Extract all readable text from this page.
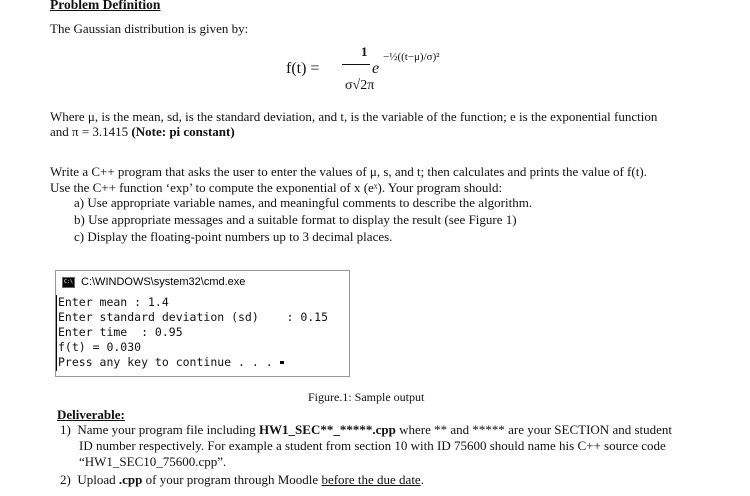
Problem Definition
The Gaussian distribution is given by:
f(t) =
1
σ√2π
e
−½((t−μ)/σ)²
Where μ, is the mean, sd, is the standard deviation, and t, is the variable of the function; e is the exponential function
and π = 3.1415 (Note: pi constant)
Write a C++ program that asks the user to enter the values of μ, s, and t; then calculates and prints the value of f(t).
Use the C++ function ‘exp’ to compute the exponential of x (eˣ). Your program should:
a) Use appropriate variable names, and meaningful comments to describe the algorithm.
b) Use appropriate messages and a suitable format to display the result (see Figure 1)
c) Display the floating-point numbers up to 3 decimal places.
C:\
C:\WINDOWS\system32\cmd.exe
Enter mean : 1.4
Enter standard deviation (sd)    : 0.15
Enter time  : 0.95
f(t) = 0.030
Press any key to continue . . .
Figure.1: Sample output
Deliverable:
1) Name your program file including HW1_SEC**_*****.cpp where ** and ***** are your SECTION and student
ID number respectively. For example a student from section 10 with ID 75600 should name his C++ source code
“HW1_SEC10_75600.cpp”.
2) Upload .cpp of your program through Moodle before the due date.
